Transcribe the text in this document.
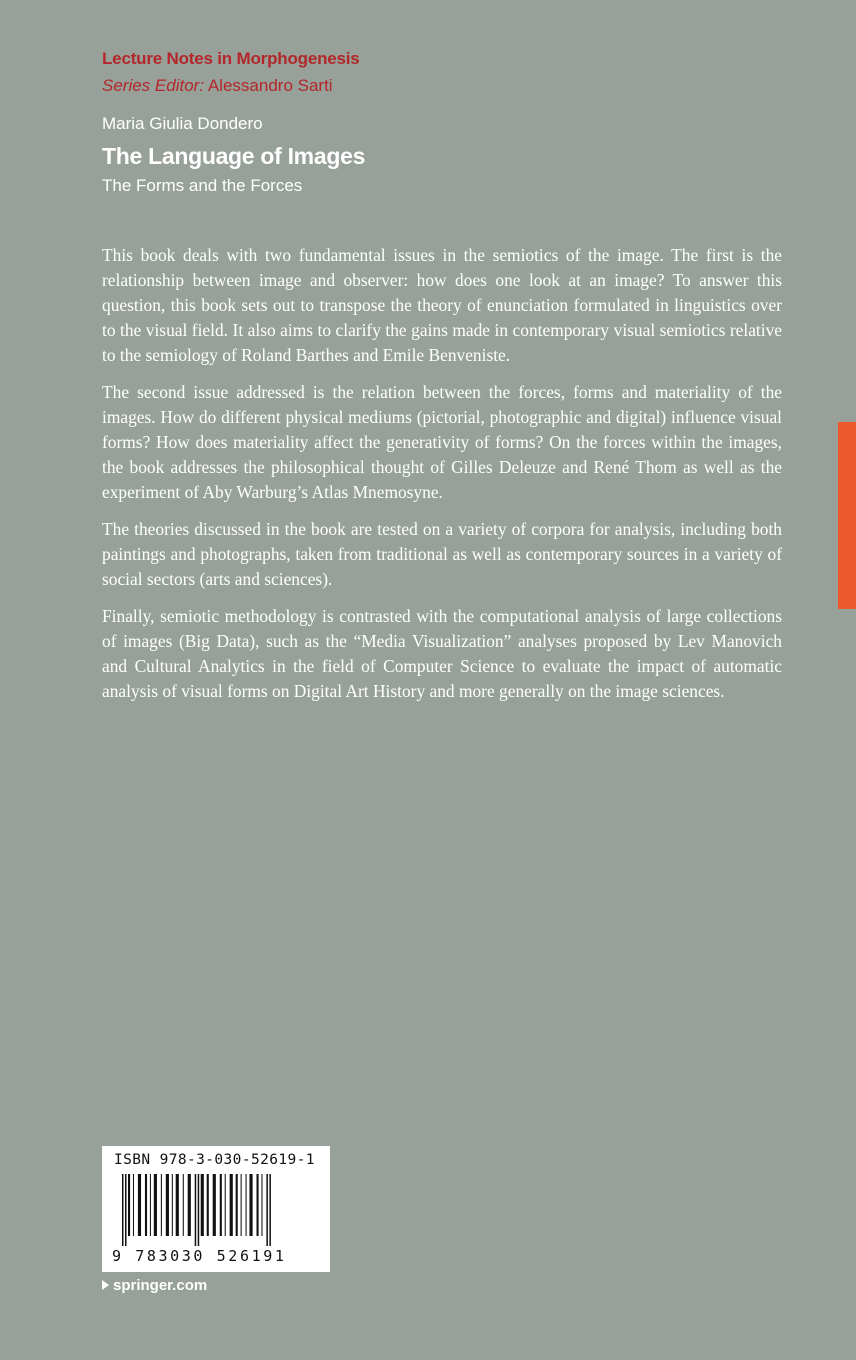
Lecture Notes in Morphogenesis
Series Editor: Alessandro Sarti
Maria Giulia Dondero
The Language of Images
The Forms and the Forces

This book deals with two fundamental issues in the semiotics of the image. The first is the relationship between image and observer: how does one look at an image? To answer this question, this book sets out to transpose the theory of enunciation formulated in linguistics over to the visual field. It also aims to clarify the gains made in contemporary visual semiotics relative to the semiology of Roland Barthes and Emile Benveniste.

The second issue addressed is the relation between the forces, forms and materiality of the images. How do different physical mediums (pictorial, photographic and digital) influence visual forms? How does materiality affect the generativity of forms? On the forces within the images, the book addresses the philosophical thought of Gilles Deleuze and René Thom as well as the experiment of Aby Warburg’s Atlas Mnemosyne.

The theories discussed in the book are tested on a variety of corpora for analysis, including both paintings and photographs, taken from traditional as well as contemporary sources in a variety of social sectors (arts and sciences).

Finally, semiotic methodology is contrasted with the computational analysis of large collections of images (Big Data), such as the “Media Visualization” analyses proposed by Lev Manovich and Cultural Analytics in the field of Computer Science to evaluate the impact of automatic analysis of visual forms on Digital Art History and more generally on the image sciences.

ISBN 978-3-030-52619-1
9 783030 526191
springer.com
